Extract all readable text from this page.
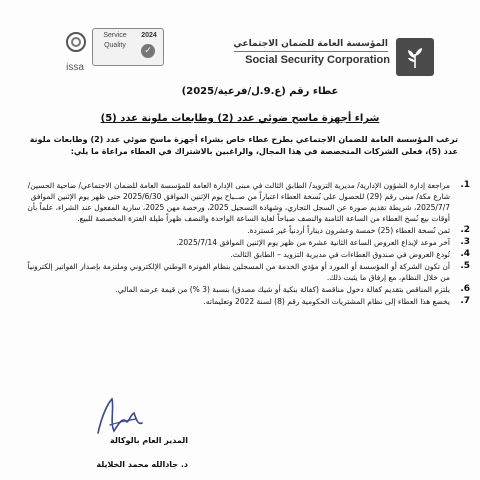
المؤسسة العامة للضمان الاجتماعي
Social Security Corporation
issa
Service
Quality
2024
✓
عطاء رقم (ع.9.ل/فرعية/2025)
شراء أجهزة ماسح ضوئي عدد (2) وطابعات ملونة عدد (5)
ترغب المؤسسة العامة للضمان الاجتماعي بطرح عطاء خاص بشراء أجهزة ماسح ضوئي عدد (2) وطابعات ملونة عدد (5)، فعلى الشركات المتخصصة في هذا المجال، والراغبين بالاشتراك في العطاء مراعاة ما يلي:
1.
مراجعة إدارة الشؤون الإدارية/ مديرية التزويد/ الطابق الثالث في مبنى الإدارة العامة للمؤسسة العامة للضمان الاجتماعي/ ضاحية الحسين/ شارع مكة/ مبنى رقم (29) للحصول على نُسخة العطاء اعتباراً من صــباح يوم الإثنين الموافق 2025/6/30 حتى ظهر يوم الإثنين الموافق 2025/7/7، شريطة تقديم صورة عن السجل التجاري، وشهادة التسجيل 2025، ورخصة مهن 2025، سارية المفعول عند الشراء، علماً بأن أوقات بيع نُسخ العطاء من الساعة الثامنة والنصف صباحاً لغاية الساعة الواحدة والنصف ظهراً طيلة الفترة المخصصة للبيع.
2.
ثمن نُسخة العطاء (25) خمسة وعشرون ديناراً أردنياً غير مُستردة.
3.
آخر موعد لإيداع العروض الساعة الثانية عشرة من ظهر يوم الإثنين الموافق 2025/7/14.
4.
تُودع العروض في صندوق العطاءات في مديرية التزويد – الطابق الثالث.
5.
أن تكون الشركة أو المؤسسة أو المورد أو مؤدي الخدمة من المسجلين بنظام الفوترة الوطني الإلكتروني وملتزمة بإصدار الفواتير إلكترونياً من خلال النظام، مع إرفاق ما يثبت ذلك.
6.
يلتزم المناقص بتقديم كفالة دخول مناقصة (كفالة بنكية أو شيك مصدق) بنسبة (3 %) من قيمة عرضه المالي.
7.
يخضع هذا العطاء إلى نظام المشتريات الحكومية رقم (8) لسنة 2022 وتعليماته.
المدير العام بالوكالة
د. جادالله محمد الخلايلة
